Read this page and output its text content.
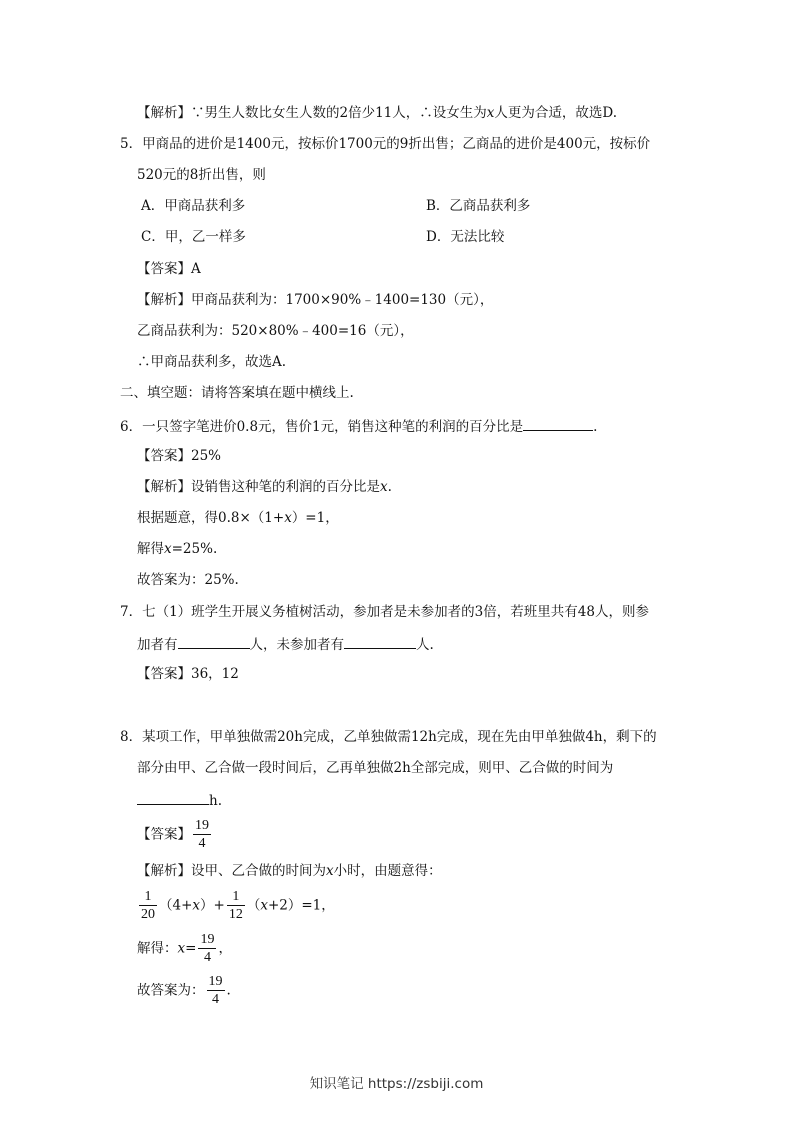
【解析】∵男生人数比女生人数的2倍少11人，∴设女生为x人更为合适，故选D.
5．甲商品的进价是1400元，按标价1700元的9折出售；乙商品的进价是400元，按标价
520元的8折出售，则
A．甲商品获利多	B．乙商品获利多
C．甲，乙一样多	D．无法比较
【答案】A
【解析】甲商品获利为：1700×90%﹣1400=130（元），
乙商品获利为：520×80%﹣400=16（元），
∴甲商品获利多，故选A.
二、填空题：请将答案填在题中横线上.
6．一只签字笔进价0.8元，售价1元，销售这种笔的利润的百分比是	.
【答案】25%
【解析】设销售这种笔的利润的百分比是x.
根据题意，得0.8×（1+x）=1，
解得x=25%.
故答案为：25%.
7．七（1）班学生开展义务植树活动，参加者是未参加者的3倍，若班里共有48人，则参
加者有	人，未参加者有	人.
【答案】36，12
8．某项工作，甲单独做需20h完成，乙单独做需12h完成，现在先由甲单独做4h，剩下的
部分由甲、乙合做一段时间后，乙再单独做2h全部完成，则甲、乙合做的时间为
h.
【答案】 $\frac{19}{4}$
【解析】设甲、乙合做的时间为x小时，由题意得：
$\frac{1}{20} (4+x)+ \frac{1}{12} (x+2)=1$，
解得：$x= \frac{19}{4}$ ，
故答案为： $\frac{19}{4}$ .
知识笔记 https://zsbiji.com
